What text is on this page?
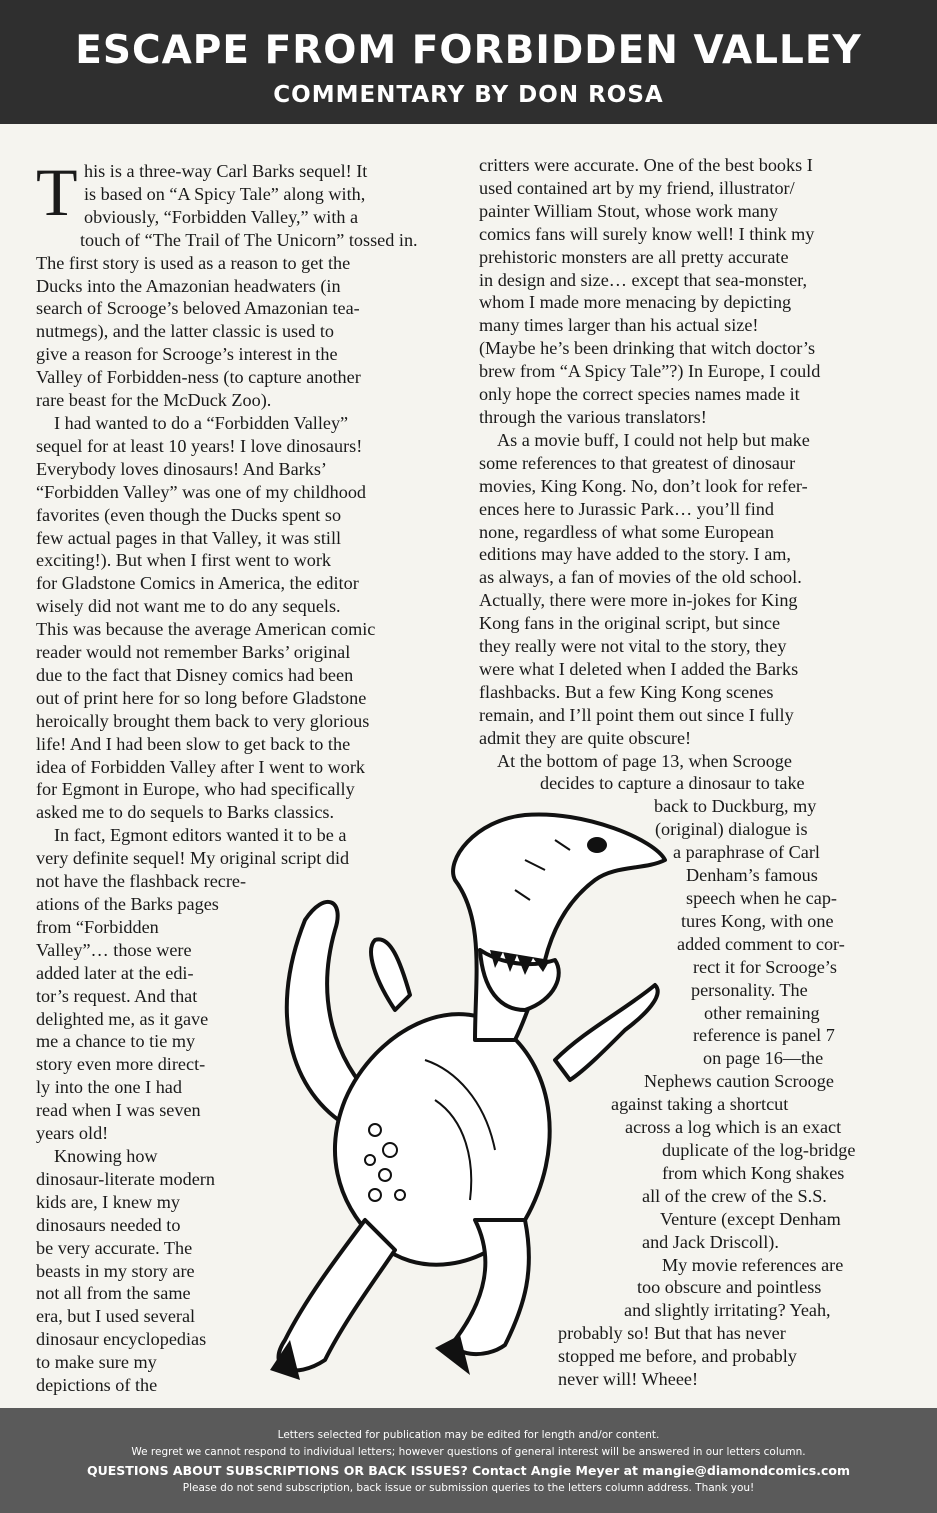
ESCAPE FROM FORBIDDEN VALLEY
COMMENTARY BY DON ROSA
T his is a three-way Carl Barks sequel! It
is based on “A Spicy Tale” along with,
obviously, “Forbidden Valley,” with a
touch of “The Trail of The Unicorn” tossed in.
The first story is used as a reason to get the
Ducks into the Amazonian headwaters (in
search of Scrooge’s beloved Amazonian tea-
nutmegs), and the latter classic is used to
give a reason for Scrooge’s interest in the
Valley of Forbidden-ness (to capture another
rare beast for the McDuck Zoo).
I had wanted to do a “Forbidden Valley”
sequel for at least 10 years! I love dinosaurs!
Everybody loves dinosaurs! And Barks’
“Forbidden Valley” was one of my childhood
favorites (even though the Ducks spent so
few actual pages in that Valley, it was still
exciting!). But when I first went to work
for Gladstone Comics in America, the editor
wisely did not want me to do any sequels.
This was because the average American comic
reader would not remember Barks’ original
due to the fact that Disney comics had been
out of print here for so long before Gladstone
heroically brought them back to very glorious
life! And I had been slow to get back to the
idea of Forbidden Valley after I went to work
for Egmont in Europe, who had specifically
asked me to do sequels to Barks classics.
In fact, Egmont editors wanted it to be a
very definite sequel! My original script did
not have the flashback recre-
ations of the Barks pages
from “Forbidden
Valley”… those were
added later at the edi-
tor’s request. And that
delighted me, as it gave
me a chance to tie my
story even more direct-
ly into the one I had
read when I was seven
years old!
Knowing how
dinosaur-literate modern
kids are, I knew my
dinosaurs needed to
be very accurate. The
beasts in my story are
not all from the same
era, but I used several
dinosaur encyclopedias
to make sure my
depictions of the
critters were accurate. One of the best books I
used contained art by my friend, illustrator/
painter William Stout, whose work many
comics fans will surely know well! I think my
prehistoric monsters are all pretty accurate
in design and size… except that sea-monster,
whom I made more menacing by depicting
many times larger than his actual size!
(Maybe he’s been drinking that witch doctor’s
brew from “A Spicy Tale”?) In Europe, I could
only hope the correct species names made it
through the various translators!
As a movie buff, I could not help but make
some references to that greatest of dinosaur
movies, King Kong. No, don’t look for refer-
ences here to Jurassic Park… you’ll find
none, regardless of what some European
editions may have added to the story. I am,
as always, a fan of movies of the old school.
Actually, there were more in-jokes for King
Kong fans in the original script, but since
they really were not vital to the story, they
were what I deleted when I added the Barks
flashbacks. But a few King Kong scenes
remain, and I’ll point them out since I fully
admit they are quite obscure!
At the bottom of page 13, when Scrooge
decides to capture a dinosaur to take
back to Duckburg, my
(original) dialogue is
a paraphrase of Carl
Denham’s famous
speech when he cap-
tures Kong, with one
added comment to cor-
rect it for Scrooge’s
personality. The
other remaining
reference is panel 7
on page 16—the
Nephews caution Scrooge
against taking a shortcut
across a log which is an exact
duplicate of the log-bridge
from which Kong shakes
all of the crew of the S.S.
Venture (except Denham
and Jack Driscoll).
My movie references are
too obscure and pointless
and slightly irritating? Yeah,
probably so! But that has never
stopped me before, and probably
never will! Wheee!
Letters selected for publication may be edited for length and/or content.
We regret we cannot respond to individual letters; however questions of general interest will be answered in our letters column.
QUESTIONS ABOUT SUBSCRIPTIONS OR BACK ISSUES? Contact Angie Meyer at mangie@diamondcomics.com
Please do not send subscription, back issue or submission queries to the letters column address. Thank you!
